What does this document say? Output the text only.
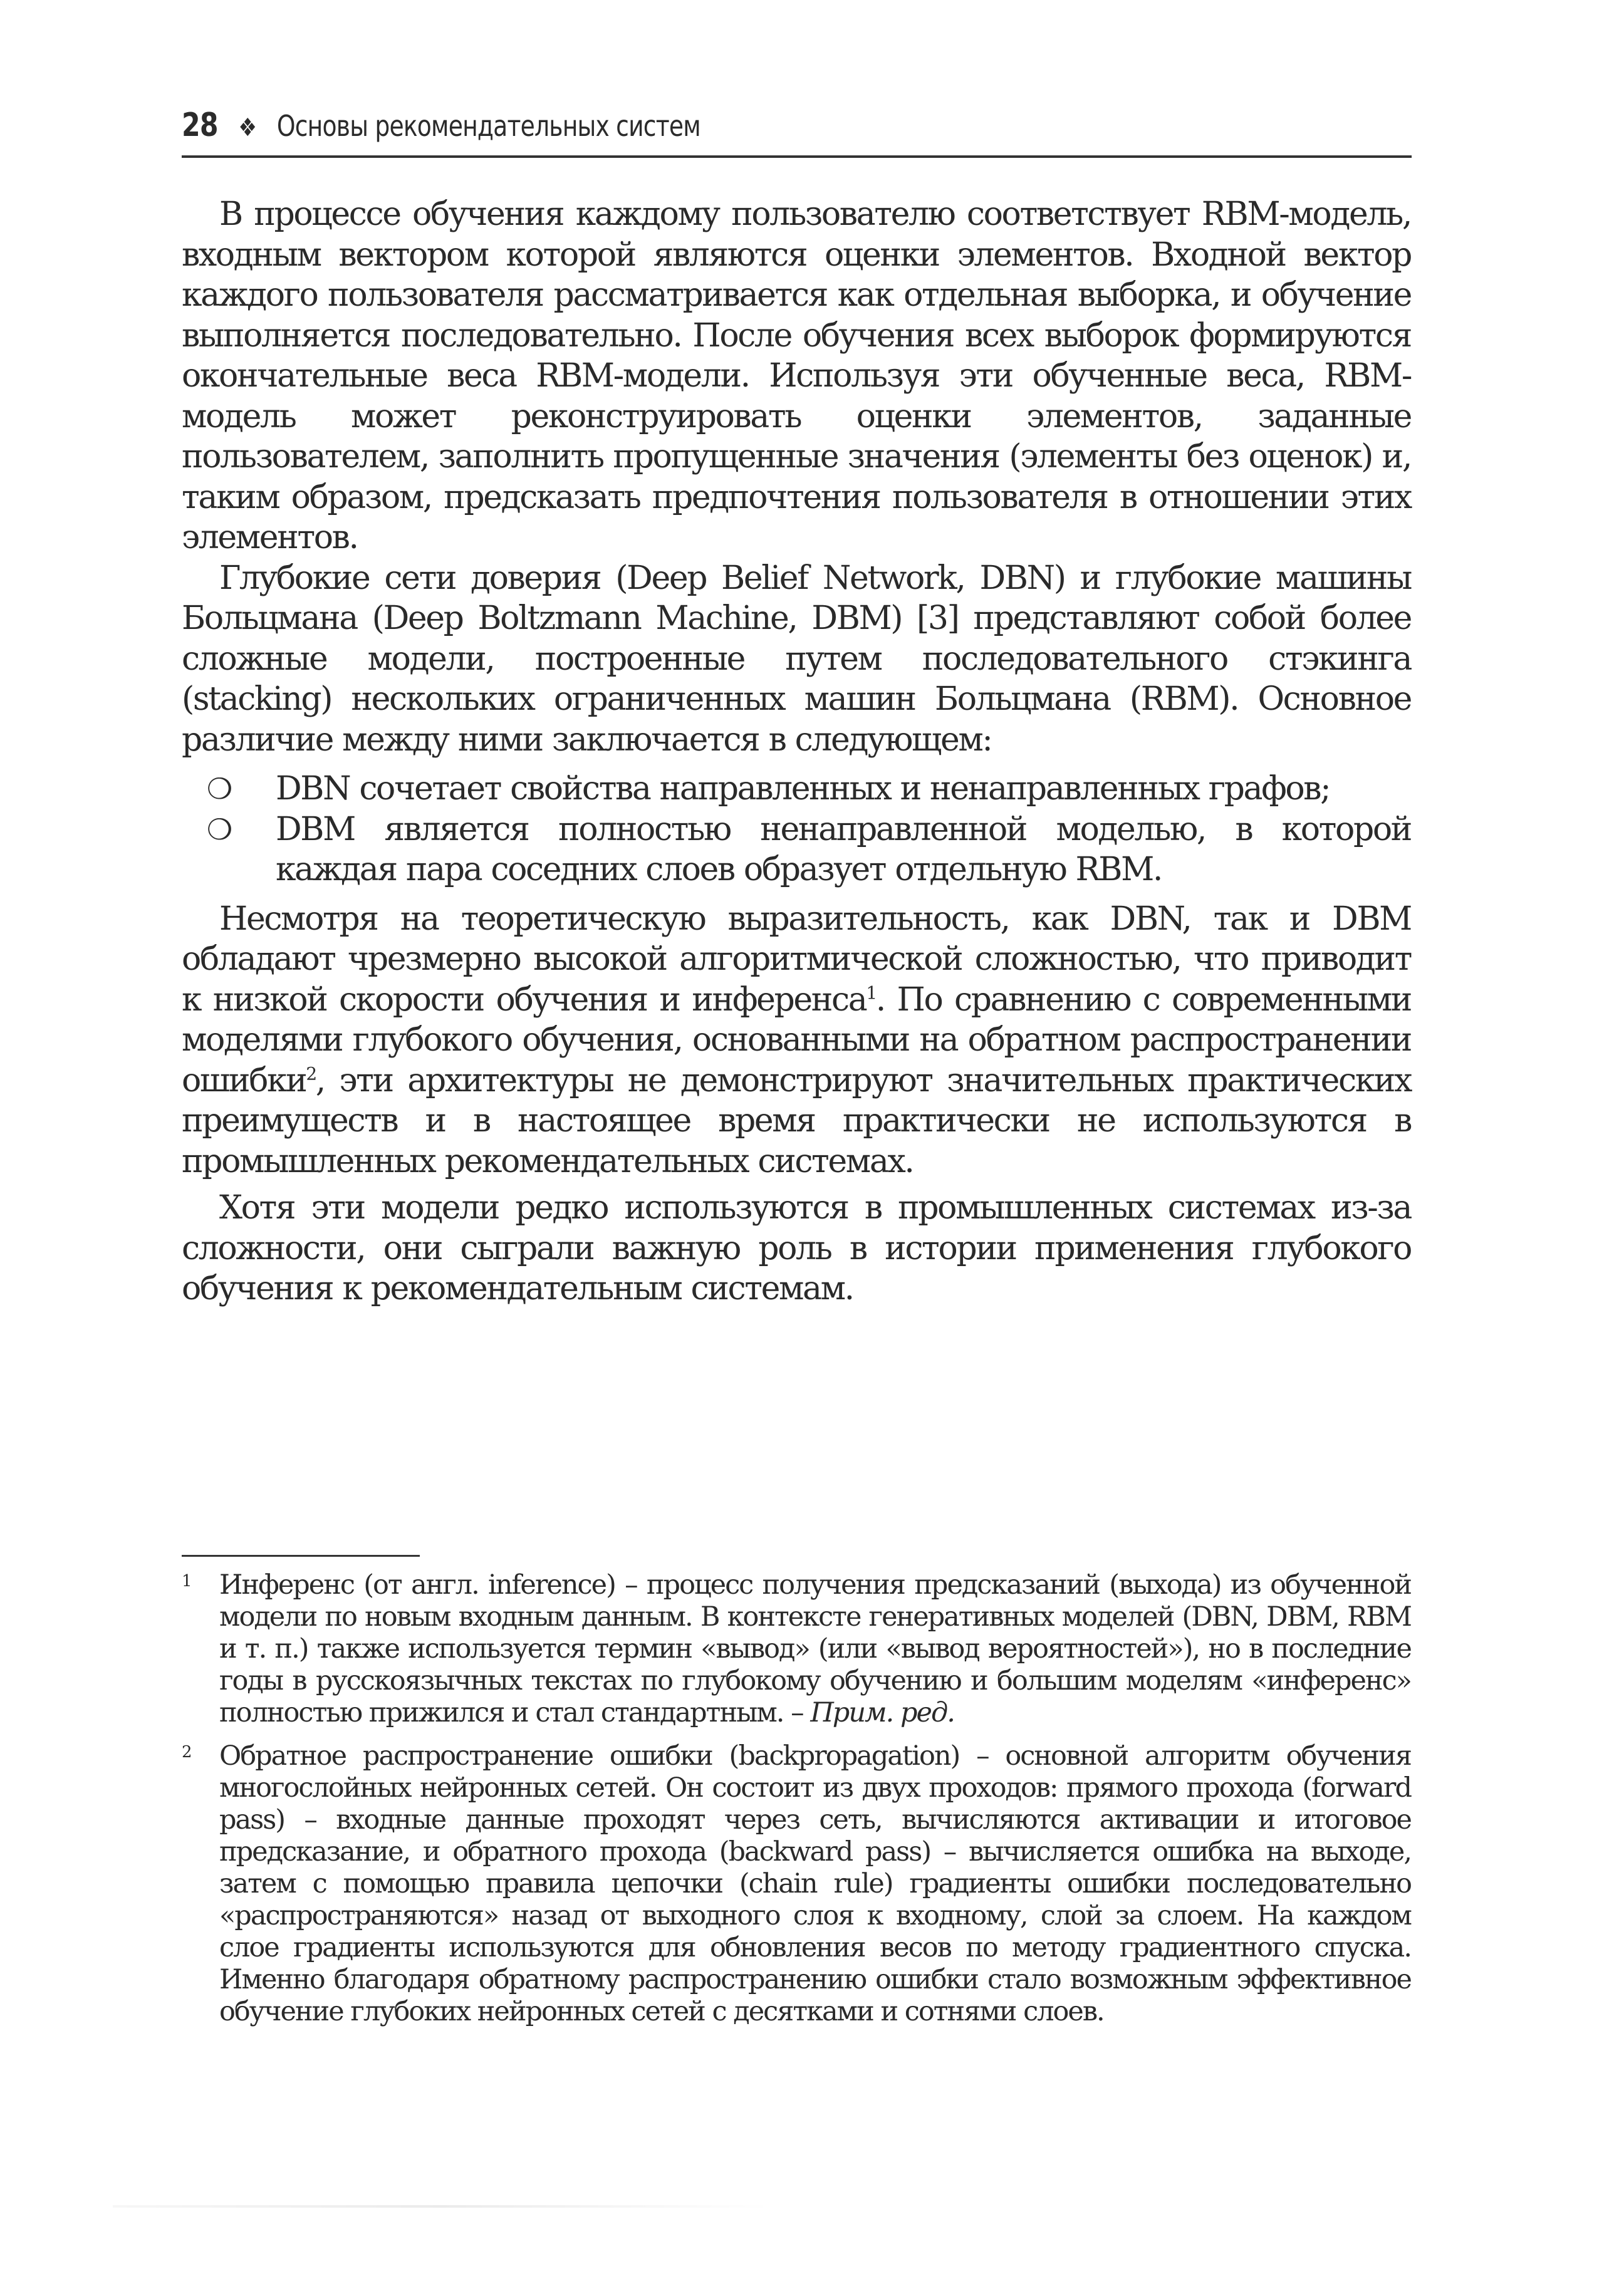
28 ❖ Основы рекомендательных систем

В процессе обучения каждому пользователю соответствует RBM-модель, входным вектором которой являются оценки элементов. Входной вектор каждого пользователя рассматривается как отдельная выборка, и обучение выполняется последовательно. После обучения всех выборок формируются окончательные веса RBM-модели. Используя эти обученные веса, RBM-модель может реконструировать оценки элементов, заданные пользователем, заполнить пропущенные значения (элементы без оценок) и, таким образом, предсказать предпочтения пользователя в отношении этих элементов.

Глубокие сети доверия (Deep Belief Network, DBN) и глубокие машины Больцмана (Deep Boltzmann Machine, DBM) [3] представляют собой более сложные модели, построенные путем последовательного стэкинга (stacking) нескольких ограниченных машин Больцмана (RBM). Основное различие между ними заключается в следующем:

❍ DBN сочетает свойства направленных и ненаправленных графов;
❍ DBM является полностью ненаправленной моделью, в которой каждая пара соседних слоев образует отдельную RBM.

Несмотря на теоретическую выразительность, как DBN, так и DBM обладают чрезмерно высокой алгоритмической сложностью, что приводит к низкой скорости обучения и инференса$^1$. По сравнению с современными моделями глубокого обучения, основанными на обратном распространении ошибки$^2$, эти архитектуры не демонстрируют значительных практических преимуществ и в настоящее время практически не используются в промышленных рекомендательных системах.

Хотя эти модели редко используются в промышленных системах из-за сложности, они сыграли важную роль в истории применения глубокого обучения к рекомендательным системам.

1 Инференс (от англ. inference) – процесс получения предсказаний (выхода) из обученной модели по новым входным данным. В контексте генеративных моделей (DBN, DBM, RBM и т. п.) также используется термин «вывод» (или «вывод вероятностей»), но в последние годы в русскоязычных текстах по глубокому обучению и большим моделям «инференс» полностью прижился и стал стандартным. – Прим. ред.
2 Обратное распространение ошибки (backpropagation) – основной алгоритм обучения многослойных нейронных сетей. Он состоит из двух проходов: прямого прохода (forward pass) – входные данные проходят через сеть, вычисляются активации и итоговое предсказание, и обратного прохода (backward pass) – вычисляется ошибка на выходе, затем с помощью правила цепочки (chain rule) градиенты ошибки последовательно «распространяются» назад от выходного слоя к входному, слой за слоем. На каждом слое градиенты используются для обновления весов по методу градиентного спуска. Именно благодаря обратному распространению ошибки стало возможным эффективное обучение глубоких нейронных сетей с десятками и сотнями слоев.
